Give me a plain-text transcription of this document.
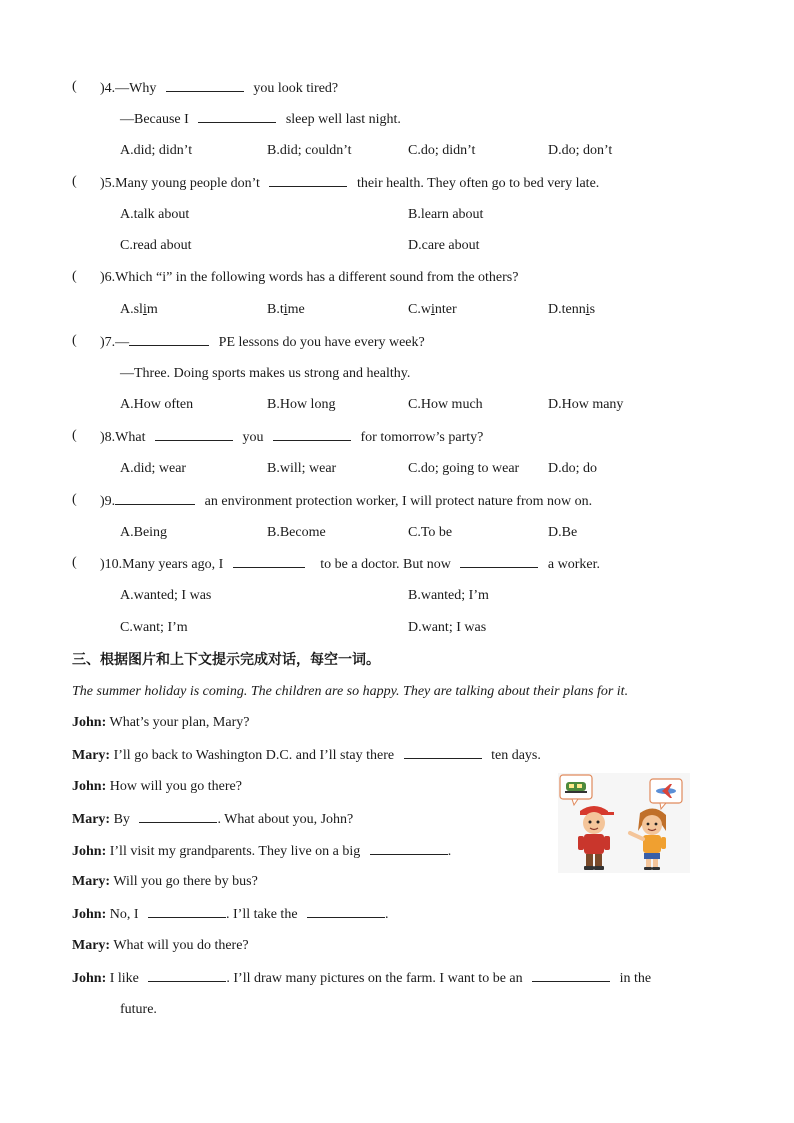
( )4.—Why	you look tired?
—Because I	sleep well last night.
A.did; didn’t	B.did; couldn’t	C.do; didn’t	D.do; don’t
( )5.Many young people don’t	their health. They often go to bed very late.
A.talk about	B.learn about
C.read about	D.care about
( )6.Which “i” in the following words has a different sound from the others?
A.slim	B.time	C.winter	D.tennis
( )7.—	PE lessons do you have every week?
—Three. Doing sports makes us strong and healthy.
A.How often	B.How long	C.How much	D.How many
( )8.What	you	for tomorrow’s party?
A.did; wear	B.will; wear	C.do; going to wear D.do; do
( )9.	an environment protection worker, I will protect nature from now on.
A.Being	B.Become	C.To be	D.Be
( )10.Many years ago, I	to be a doctor. But now	a worker.
A.wanted; I was	B.wanted; I’m
C.want; I’m	D.want; I was
三、根据图片和上下文提示完成对话，每空一词。
The summer holiday is coming. The children are so happy. They are talking about their plans for it.
John: What’s your plan, Mary?
Mary: I’ll go back to Washington D.C. and I’ll stay there	ten days.
John: How will you go there?
Mary: By	. What about you, John?
John: I’ll visit my grandparents. They live on a big	.
Mary: Will you go there by bus?
John: No, I	. I’ll take the	.
Mary: What will you do there?
John: I like	. I’ll draw many pictures on the farm. I want to be an	in the
future.
